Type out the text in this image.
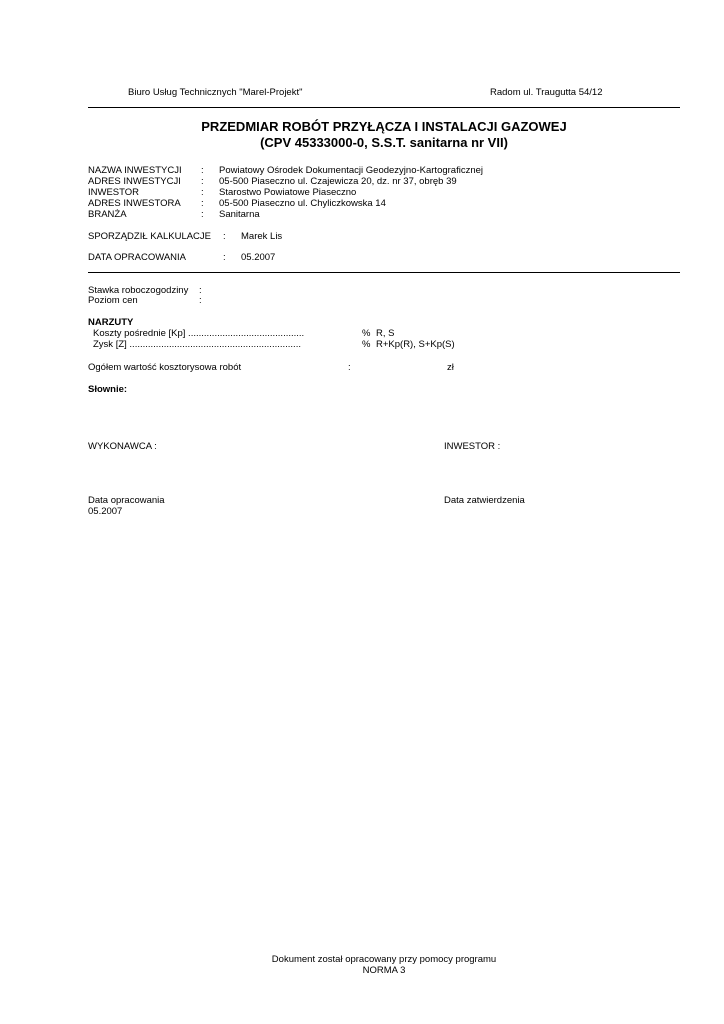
Biuro Usług Technicznych "Marel-Projekt"	Radom ul. Traugutta 54/12
PRZEDMIAR ROBÓT PRZYŁĄCZA I INSTALACJI GAZOWEJ
(CPV 45333000-0, S.S.T. sanitarna nr VII)
NAZWA INWESTYCJI : Powiatowy Ośrodek Dokumentacji Geodezyjno-Kartograficznej
ADRES INWESTYCJI : 05-500 Piaseczno ul. Czajewicza 20, dz. nr 37, obręb 39
INWESTOR	: Starostwo Powiatowe Piaseczno
ADRES INWESTORA : 05-500 Piaseczno ul. Chyliczkowska 14
BRANŻA	: Sanitarna
SPORZĄDZIŁ KALKULACJE : Marek Lis
DATA OPRACOWANIA	: 05.2007
Stawka roboczogodziny :
Poziom cen	:
NARZUTY
Koszty pośrednie [Kp] ............................................	% R, S
Zysk [Z] .................................................................	% R+Kp(R), S+Kp(S)
Ogółem wartość kosztorysowa robót	:	zł
Słownie:
WYKONAWCA :	INWESTOR :
Data opracowania
05.2007
Data zatwierdzenia
Dokument został opracowany przy pomocy programu
NORMA 3
